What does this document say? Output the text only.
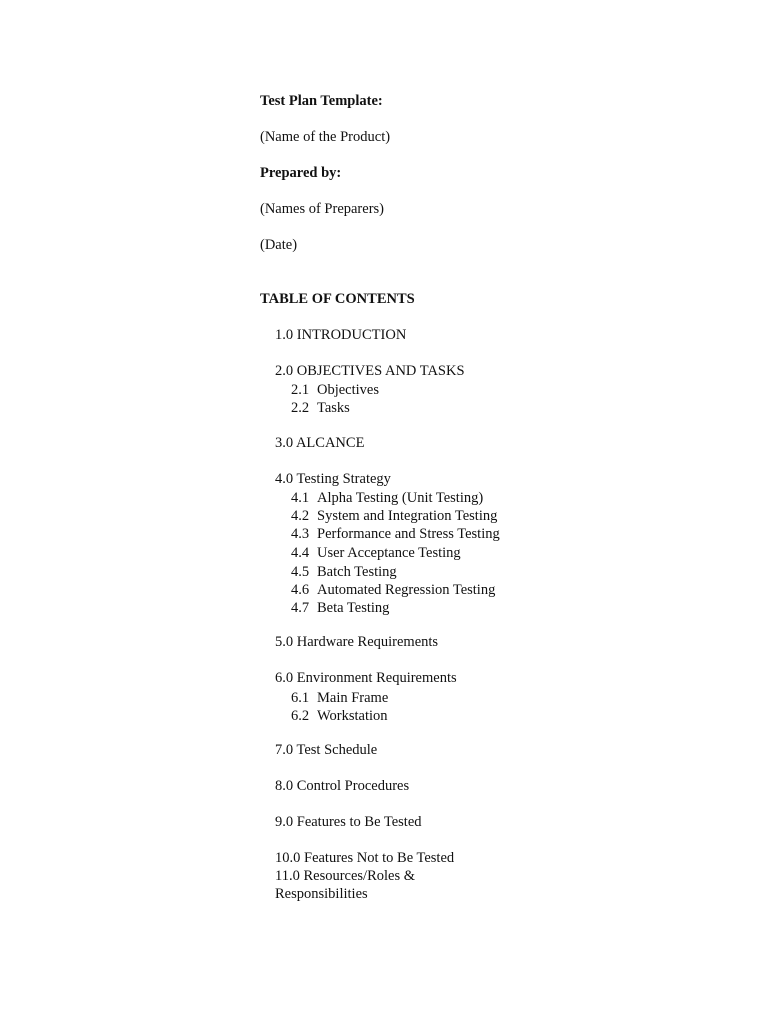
Test Plan Template:
(Name of the Product)
Prepared by:
(Names of Preparers)
(Date)
TABLE OF CONTENTS
1.0 INTRODUCTION
2.0 OBJECTIVES AND TASKS
2.1 Objectives
2.2 Tasks
3.0 ALCANCE
4.0 Testing Strategy
4.1 Alpha Testing (Unit Testing)
4.2 System and Integration Testing
4.3 Performance and Stress Testing
4.4 User Acceptance Testing
4.5 Batch Testing
4.6 Automated Regression Testing
4.7 Beta Testing
5.0 Hardware Requirements
6.0 Environment Requirements
6.1 Main Frame
6.2 Workstation
7.0 Test Schedule
8.0 Control Procedures
9.0 Features to Be Tested
10.0 Features Not to Be Tested
11.0 Resources/Roles &
Responsibilities
